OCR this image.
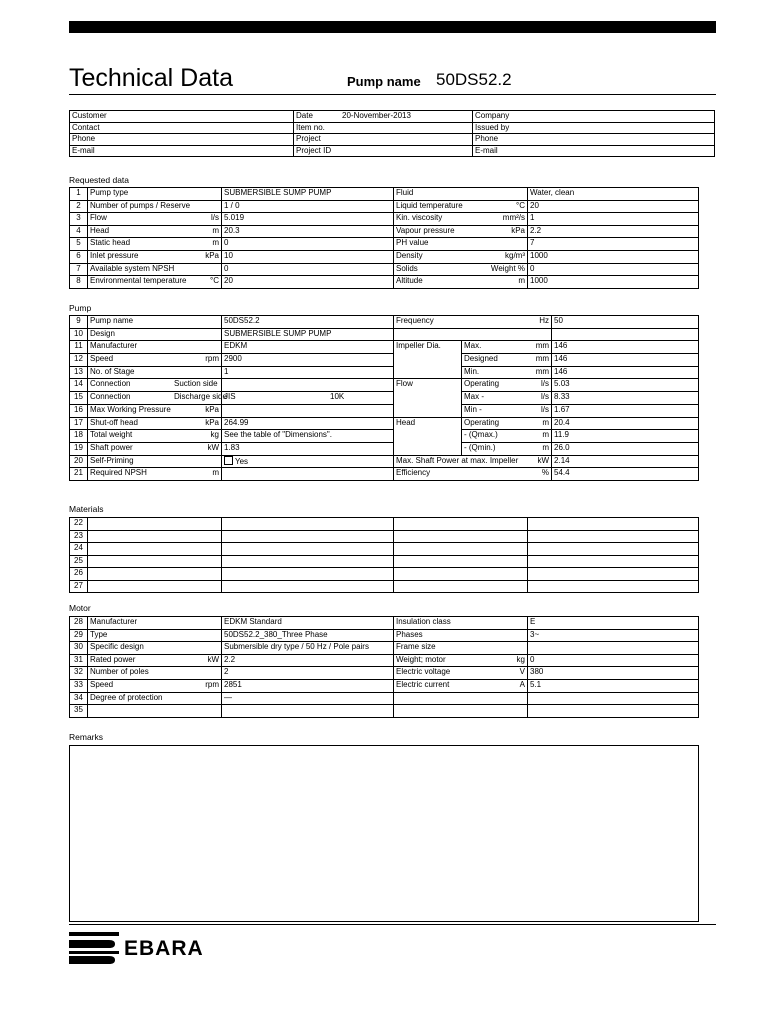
Technical Data	Pump name 50DS52.2
Customer	Date 20-November-2013	Company
Contact	Item no.	Issued by
Phone	Project	Phone
E-mail	Project ID	E-mail
Requested data
1	Pump type	SUBMERSIBLE SUMP PUMP	Fluid	Water, clean
2	Number of pumps / Reserve	1 / 0	Liquid temperature °C	20
3	Flow l/s	5.019	Kin. viscosity mm²/s	1
4	Head m	20.3	Vapour pressure kPa	2.2
5	Static head m	0	PH value	7
6	Inlet pressure kPa	10	Density kg/m³	1000
7	Available system NPSH	0	Solids Weight %	0
8	Environmental temperature °C	20	Altitude m	1000
Pump
9	Pump name	50DS52.2	Frequency Hz		50
10	Design	SUBMERSIBLE SUMP PUMP			
11	Manufacturer	EDKM	Impeller Dia.	Max. mm	146
12	Speed rpm	2900		Designed mm	146
13	No. of Stage	1		Min. mm	146
14	Connection Suction side		Flow	Operating l/s	5.03
15	Connection Discharge side	JIS 10K		Max - l/s	8.33
16	Max Working Pressure kPa			Min - l/s	1.67
17	Shut-off head kPa	264.99	Head	Operating m	20.4
18	Total weight kg	See the table of "Dimensions".		- (Qmax.) m	11.9
19	Shaft power kW	1.83		- (Qmin.) m	26.0
20	Self-Priming	Yes	Max. Shaft Power at max. Impeller kW		2.14
21	Required NPSH m		Efficiency %		54.4
Materials
22				
23				
24				
25				
26				
27				
Motor
28	Manufacturer	EDKM Standard	Insulation class	E
29	Type	50DS52.2_380_Three Phase	Phases	3~
30	Specific design	Submersible dry type / 50 Hz / Pole pairs	Frame size

31	Rated power kW	2.2	Weight; motor kg	0
32	Number of poles	2	Electric voltage V	380
33	Speed rpm	2851	Electric current A	5.1
34	Degree of protection	—	

35	

Remarks
EBARA
